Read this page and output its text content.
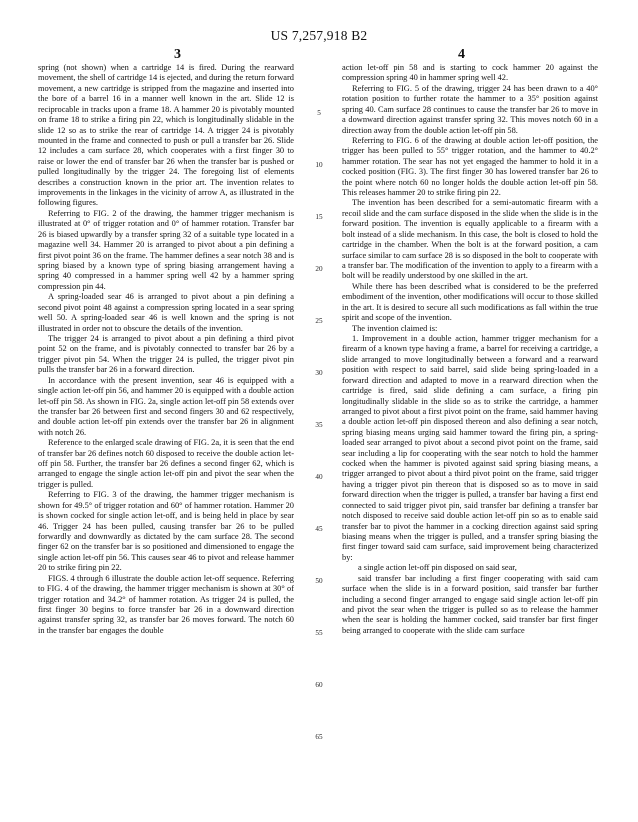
US 7,257,918 B2
3	4

spring (not shown) when a cartridge 14 is fired. During the rearward movement, the shell of cartridge 14 is ejected, and during the return forward movement, a new cartridge is stripped from the magazine and inserted into the bore of a barrel 16 in a manner well known in the art. Slide 12 is reciprocable in tracks upon a frame 18. A hammer 20 is pivotably mounted on frame 18 to strike a firing pin 22, which is longitudinally slidable in the slide 12 so as to strike the rear of cartridge 14. A trigger 24 is pivotably mounted in the frame and connected to push or pull a transfer bar 26. Slide 12 includes a cam surface 28, which cooperates with a first finger 30 to raise or lower the end of transfer bar 26 when the transfer bar is pushed or pulled longitudinally by the trigger 24. The foregoing list of elements describes a construction known in the prior art. The invention relates to improvements in the linkages in the vicinity of arrow A, as illustrated in the following figures.

Referring to FIG. 2 of the drawing, the hammer trigger mechanism is illustrated at 0° of trigger rotation and 0° of hammer rotation. Transfer bar 26 is biased upwardly by a transfer spring 32 of a suitable type located in a magazine well 34. Hammer 20 is arranged to pivot about a pin defining a first pivot point 36 on the frame. The hammer defines a sear notch 38 and is spring biased by a known type of spring biasing arrangement having a spring 40 compressed in a hammer spring well 42 by a hammer spring compression pin 44.

A spring-loaded sear 46 is arranged to pivot about a pin defining a second pivot point 48 against a compression spring located in a sear spring well 50. A spring-loaded sear 46 is well known and the spring is not illustrated in order not to obscure the details of the invention.

The trigger 24 is arranged to pivot about a pin defining a third pivot point 52 on the frame, and is pivotably connected to transfer bar 26 by a trigger pivot pin 54. When the trigger 24 is pulled, the trigger pivot pin pulls the transfer bar 26 in a forward direction.

In accordance with the present invention, sear 46 is equipped with a single action let-off pin 56, and hammer 20 is equipped with a double action let-off pin 58. As shown in FIG. 2a, single action let-off pin 58 extends over the transfer bar 26 between first and second fingers 30 and 62 respectively, and double action let-off pin extends over the transfer bar 26 in alignment with notch 26.

Reference to the enlarged scale drawing of FIG. 2a, it is seen that the end of transfer bar 26 defines notch 60 disposed to receive the double action let-off pin 58. Further, the transfer bar 26 defines a second finger 62, which is arranged to engage the single action let-off pin and pivot the sear when the trigger is pulled.

Referring to FIG. 3 of the drawing, the hammer trigger mechanism is shown for 49.5° of trigger rotation and 60° of hammer rotation. Hammer 20 is shown cocked for single action let-off, and is being held in place by sear 46. Trigger 24 has been pulled, causing transfer bar 26 to be pulled forwardly and downwardly as dictated by the cam surface 28. The second finger 62 on the transfer bar is so positioned and dimensioned to engage the single action let-off pin 56. This causes sear 46 to pivot and release hammer 20 to strike firing pin 22.

FIGS. 4 through 6 illustrate the double action let-off sequence. Referring to FIG. 4 of the drawing, the hammer trigger mechanism is shown at 30° of trigger rotation and 34.2° of hammer rotation. As trigger 24 is pulled, the first finger 30 begins to force transfer bar 26 in a downward direction against transfer spring 32, as transfer bar 26 moves forward. The notch 60 in the transfer bar engages the double

5
10
15
20
25
30
35
40
45
50
55
60
65

action let-off pin 58 and is starting to cock hammer 20 against the compression spring 40 in hammer spring well 42.

Referring to FIG. 5 of the drawing, trigger 24 has been drawn to a 40° rotation position to further rotate the hammer to a 35° position against spring 40. Cam surface 28 continues to cause the transfer bar 26 to move in a downward direction against transfer spring 32. This moves notch 60 in a direction away from the double action let-off pin 58.

Referring to FIG. 6 of the drawing at double action let-off position, the trigger has been pulled to 55° trigger rotation, and the hammer to 40.2° hammer rotation. The sear has not yet engaged the hammer to hold it in a cocked position (FIG. 3). The first finger 30 has lowered transfer bar 26 to the point where notch 60 no longer holds the double action let-off pin 58. This releases hammer 20 to strike firing pin 22.

The invention has been described for a semi-automatic firearm with a recoil slide and the cam surface disposed in the slide when the slide is in the forward position. The invention is equally applicable to a firearm with a bolt instead of a slide mechanism. In this case, the bolt is closed to hold the cartridge in the chamber. When the bolt is at the forward position, a cam surface similar to cam surface 28 is so disposed in the bolt to cooperate with a transfer bar. The modification of the invention to apply to a firearm with a bolt will be readily understood by one skilled in the art.

While there has been described what is considered to be the preferred embodiment of the invention, other modifications will occur to those skilled in the art. It is desired to secure all such modifications as fall within the true spirit and scope of the invention.

The invention claimed is:

1. Improvement in a double action, hammer trigger mechanism for a firearm of a known type having a frame, a barrel for receiving a cartridge, a slide arranged to move longitudinally between a forward and a rearward position with respect to said barrel, said slide being spring-loaded in a forward direction and adapted to move in a rearward direction when the cartridge is fired, said slide defining a cam surface, a firing pin longitudinally slidable in the slide so as to strike the cartridge, a hammer arranged to pivot about a first pivot point on the frame, said hammer having a double action let-off pin disposed thereon and also defining a sear notch, spring biasing means urging said hammer toward the firing pin, a spring-loaded sear arranged to pivot about a second pivot point on the frame, said sear including a lip for cooperating with the sear notch to hold the hammer cocked when the hammer is pivoted against said spring biasing means, a trigger arranged to pivot about a third pivot point on the frame, said trigger having a trigger pivot pin thereon that is disposed so as to move in said forward direction when the trigger is pulled, a transfer bar having a first end connected to said trigger pivot pin, said transfer bar defining a transfer bar notch disposed to receive said double action let-off pin so as to enable said transfer bar to pivot the hammer in a cocking direction against said spring biasing means when the trigger is pulled, and a transfer spring biasing the first finger toward said cam surface, said improvement being characterized by:

a single action let-off pin disposed on said sear,

said transfer bar including a first finger cooperating with said cam surface when the slide is in a forward position, said transfer bar further including a second finger arranged to engage said single action let-off pin and pivot the sear when the trigger is pulled so as to release the hammer when the sear is holding the hammer cocked, said transfer bar first finger being arranged to cooperate with the slide cam surface
